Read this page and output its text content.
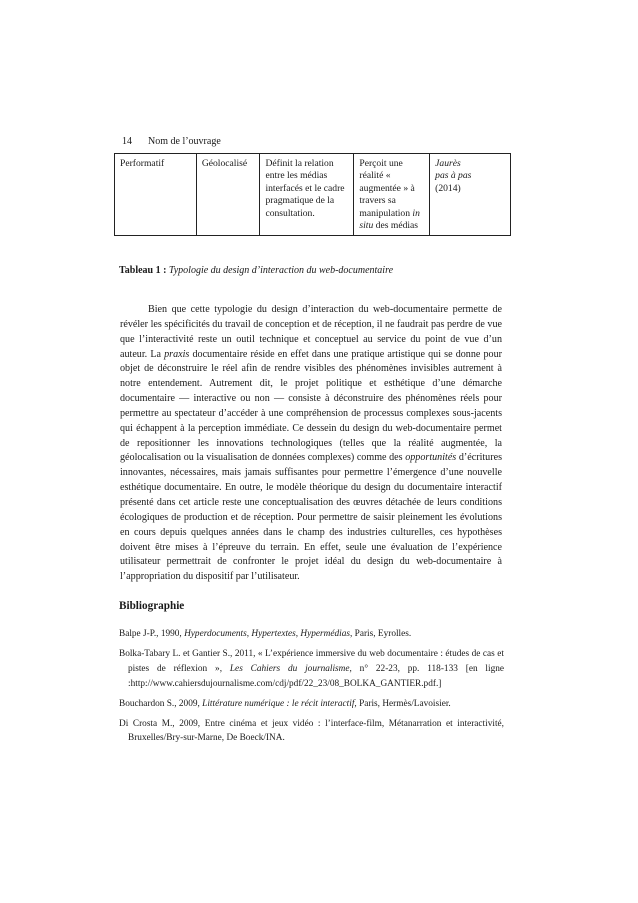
14 Nom de l’ouvrage
Performatif	Géolocalisé	Définit la relation entre les médias interfacés et le cadre pragmatique de la consultation.	Perçoit une réalité « augmentée » à travers sa manipulation in situ des médias	Jaurès
pas à pas
(2014)
Tableau 1 : Typologie du design d’interaction du web-documentaire

Bien que cette typologie du design d’interaction du web-documentaire permette de révéler les spécificités du travail de conception et de réception, il ne faudrait pas perdre de vue que l’interactivité reste un outil technique et conceptuel au service du point de vue d’un auteur. La praxis documentaire réside en effet dans une pratique artistique qui se donne pour objet de déconstruire le réel afin de rendre visibles des phénomènes invisibles autrement à notre entendement. Autrement dit, le projet politique et esthétique d’une démarche documentaire — interactive ou non — consiste à déconstruire des phénomènes réels pour permettre au spectateur d’accéder à une compréhension de processus complexes sous-jacents qui échappent à la perception immédiate. Ce dessein du design du web-documentaire permet de repositionner les innovations technologiques (telles que la réalité augmentée, la géolocalisation ou la visualisation de données complexes) comme des opportunités d’écritures innovantes, nécessaires, mais jamais suffisantes pour permettre l’émergence d’une nouvelle esthétique documentaire. En outre, le modèle théorique du design du documentaire interactif présenté dans cet article reste une conceptualisation des œuvres détachée de leurs conditions écologiques de production et de réception. Pour permettre de saisir pleinement les évolutions en cours depuis quelques années dans le champ des industries culturelles, ces hypothèses doivent être mises à l’épreuve du terrain. En effet, seule une évaluation de l’expérience utilisateur permettrait de confronter le projet idéal du design du web-documentaire à l’appropriation du dispositif par l’utilisateur.

Bibliographie

Balpe J-P., 1990, Hyperdocuments, Hypertextes, Hypermédias, Paris, Eyrolles.

Bolka-Tabary L. et Gantier S., 2011, « L’expérience immersive du web documentaire : études de cas et pistes de réflexion », Les Cahiers du journalisme, n° 22-23, pp. 118-133 [en ligne :http://www.cahiersdujournalisme.com/cdj/pdf/22_23/08_BOLKA_GANTIER.pdf.]

Bouchardon S., 2009, Littérature numérique : le récit interactif, Paris, Hermès/Lavoisier.

Di Crosta M., 2009, Entre cinéma et jeux vidéo : l’interface-film, Métanarration et interactivité, Bruxelles/Bry-sur-Marne, De Boeck/INA.
